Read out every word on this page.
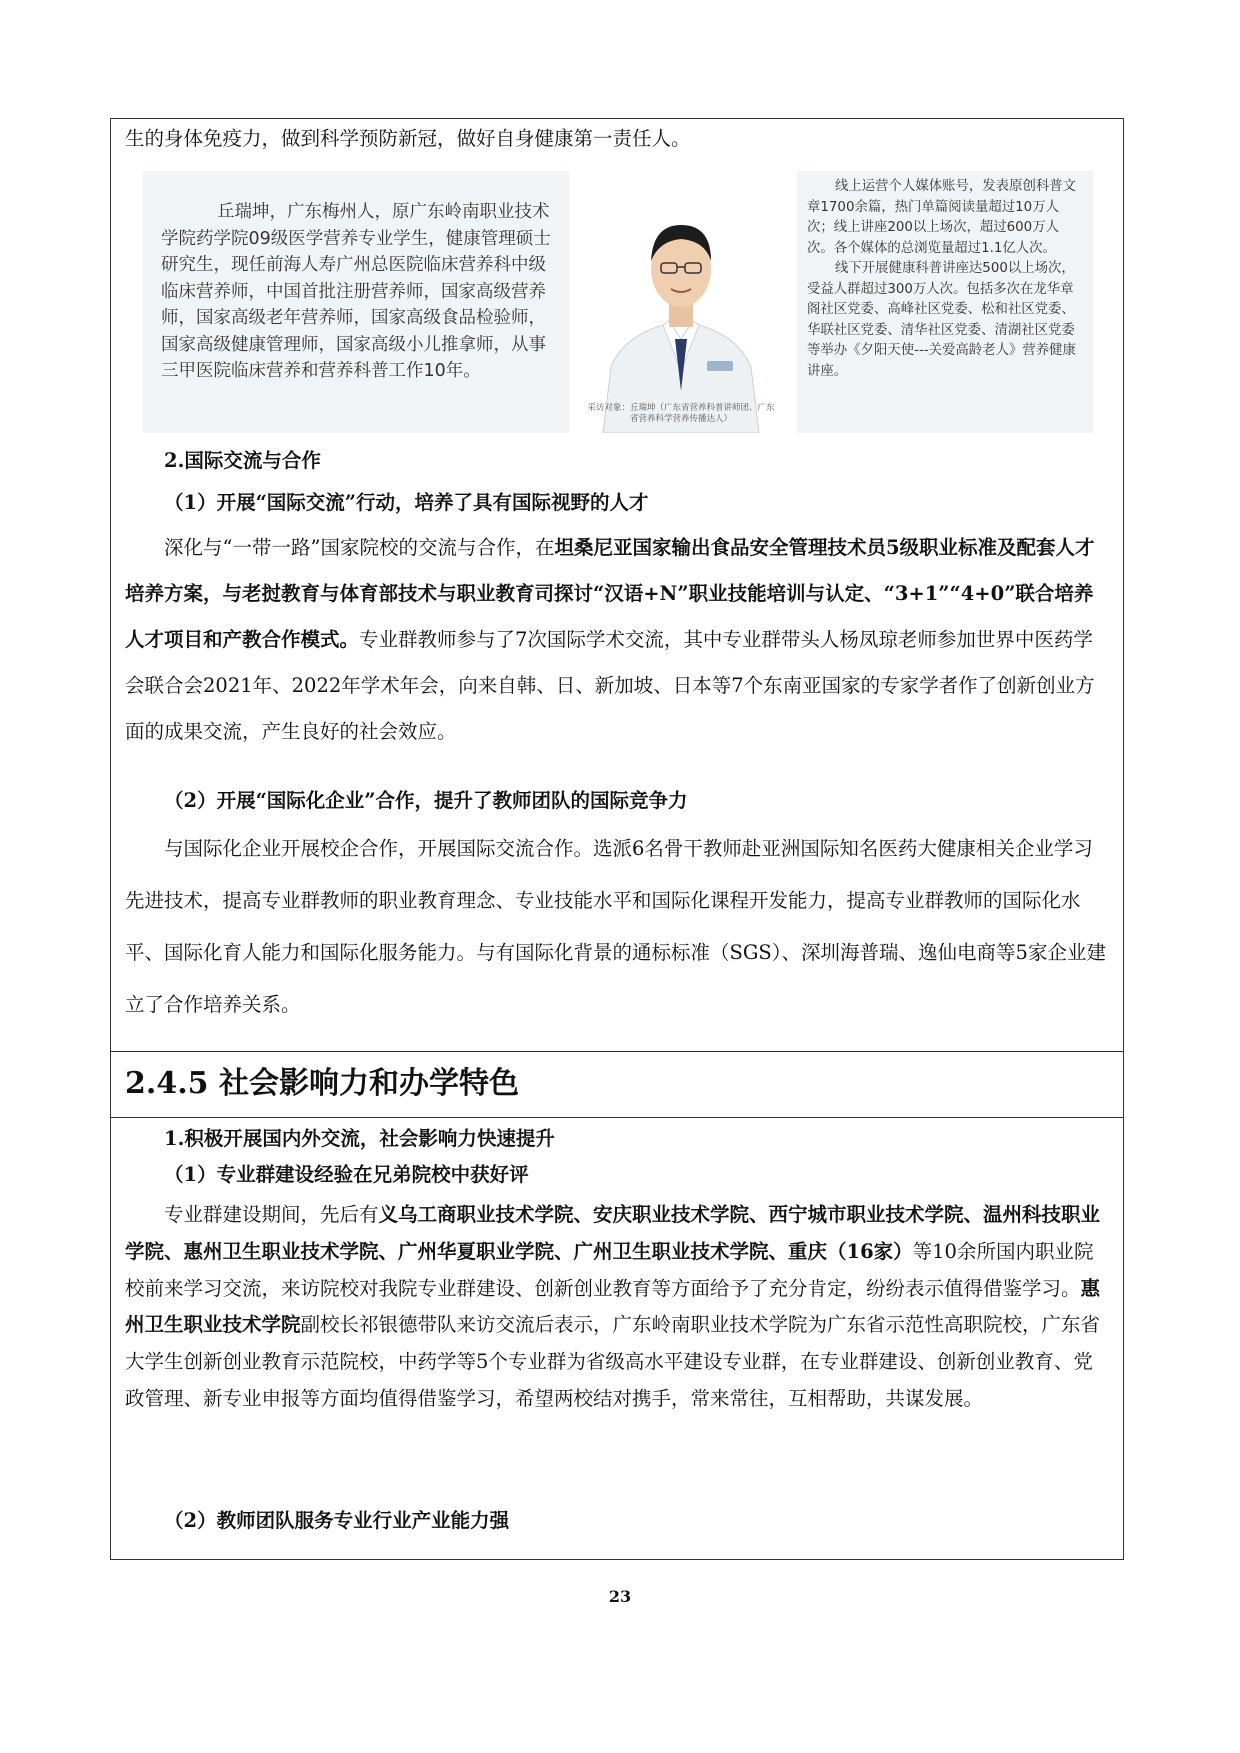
生的身体免疫力，做到科学预防新冠，做好自身健康第一责任人。

丘瑞坤，广东梅州人，原广东岭南职业技术学院药学院09级医学营养专业学生，健康管理硕士研究生，现任前海人寿广州总医院临床营养科中级临床营养师，中国首批注册营养师，国家高级营养师，国家高级老年营养师，国家高级食品检验师，国家高级健康管理师，国家高级小儿推拿师，从事三甲医院临床营养和营养科普工作10年。

采访对象：丘瑞坤（广东省营养科普讲师团、广东省营养科学营养传播达人）

线上运营个人媒体账号，发表原创科普文章1700余篇，热门单篇阅读量超过10万人次；线上讲座200以上场次，超过600万人次。各个媒体的总浏览量超过1.1亿人次。

线下开展健康科普讲座达500以上场次，受益人群超过300万人次。包括多次在龙华章阁社区党委、高峰社区党委、松和社区党委、华联社区党委、清华社区党委、清湖社区党委等举办《夕阳天使---关爱高龄老人》营养健康讲座。

2.国际交流与合作

（1）开展“国际交流”行动，培养了具有国际视野的人才

深化与“一带一路”国家院校的交流与合作，在坦桑尼亚国家输出食品安全管理技术员5级职业标准及配套人才培养方案，与老挝教育与体育部技术与职业教育司探讨“汉语+N”职业技能培训与认定、“3+1”“4+0”联合培养人才项目和产教合作模式。专业群教师参与了7次国际学术交流，其中专业群带头人杨凤琼老师参加世界中医药学会联合会2021年、2022年学术年会，向来自韩、日、新加坡、日本等7个东南亚国家的专家学者作了创新创业方面的成果交流，产生良好的社会效应。

（2）开展“国际化企业”合作，提升了教师团队的国际竞争力

与国际化企业开展校企合作，开展国际交流合作。选派6名骨干教师赴亚洲国际知名医药大健康相关企业学习先进技术，提高专业群教师的职业教育理念、专业技能水平和国际化课程开发能力，提高专业群教师的国际化水平、国际化育人能力和国际化服务能力。与有国际化背景的通标标准（SGS）、深圳海普瑞、逸仙电商等5家企业建立了合作培养关系。

2.4.5 社会影响力和办学特色

1.积极开展国内外交流，社会影响力快速提升

（1）专业群建设经验在兄弟院校中获好评

专业群建设期间，先后有义乌工商职业技术学院、安庆职业技术学院、西宁城市职业技术学院、温州科技职业学院、惠州卫生职业技术学院、广州华夏职业学院、广州卫生职业技术学院、重庆（16家）等10余所国内职业院校前来学习交流，来访院校对我院专业群建设、创新创业教育等方面给予了充分肯定，纷纷表示值得借鉴学习。惠州卫生职业技术学院副校长祁银德带队来访交流后表示，广东岭南职业技术学院为广东省示范性高职院校，广东省大学生创新创业教育示范院校，中药学等5个专业群为省级高水平建设专业群，在专业群建设、创新创业教育、党政管理、新专业申报等方面均值得借鉴学习，希望两校结对携手，常来常往，互相帮助，共谋发展。

（2）教师团队服务专业行业产业能力强

23
